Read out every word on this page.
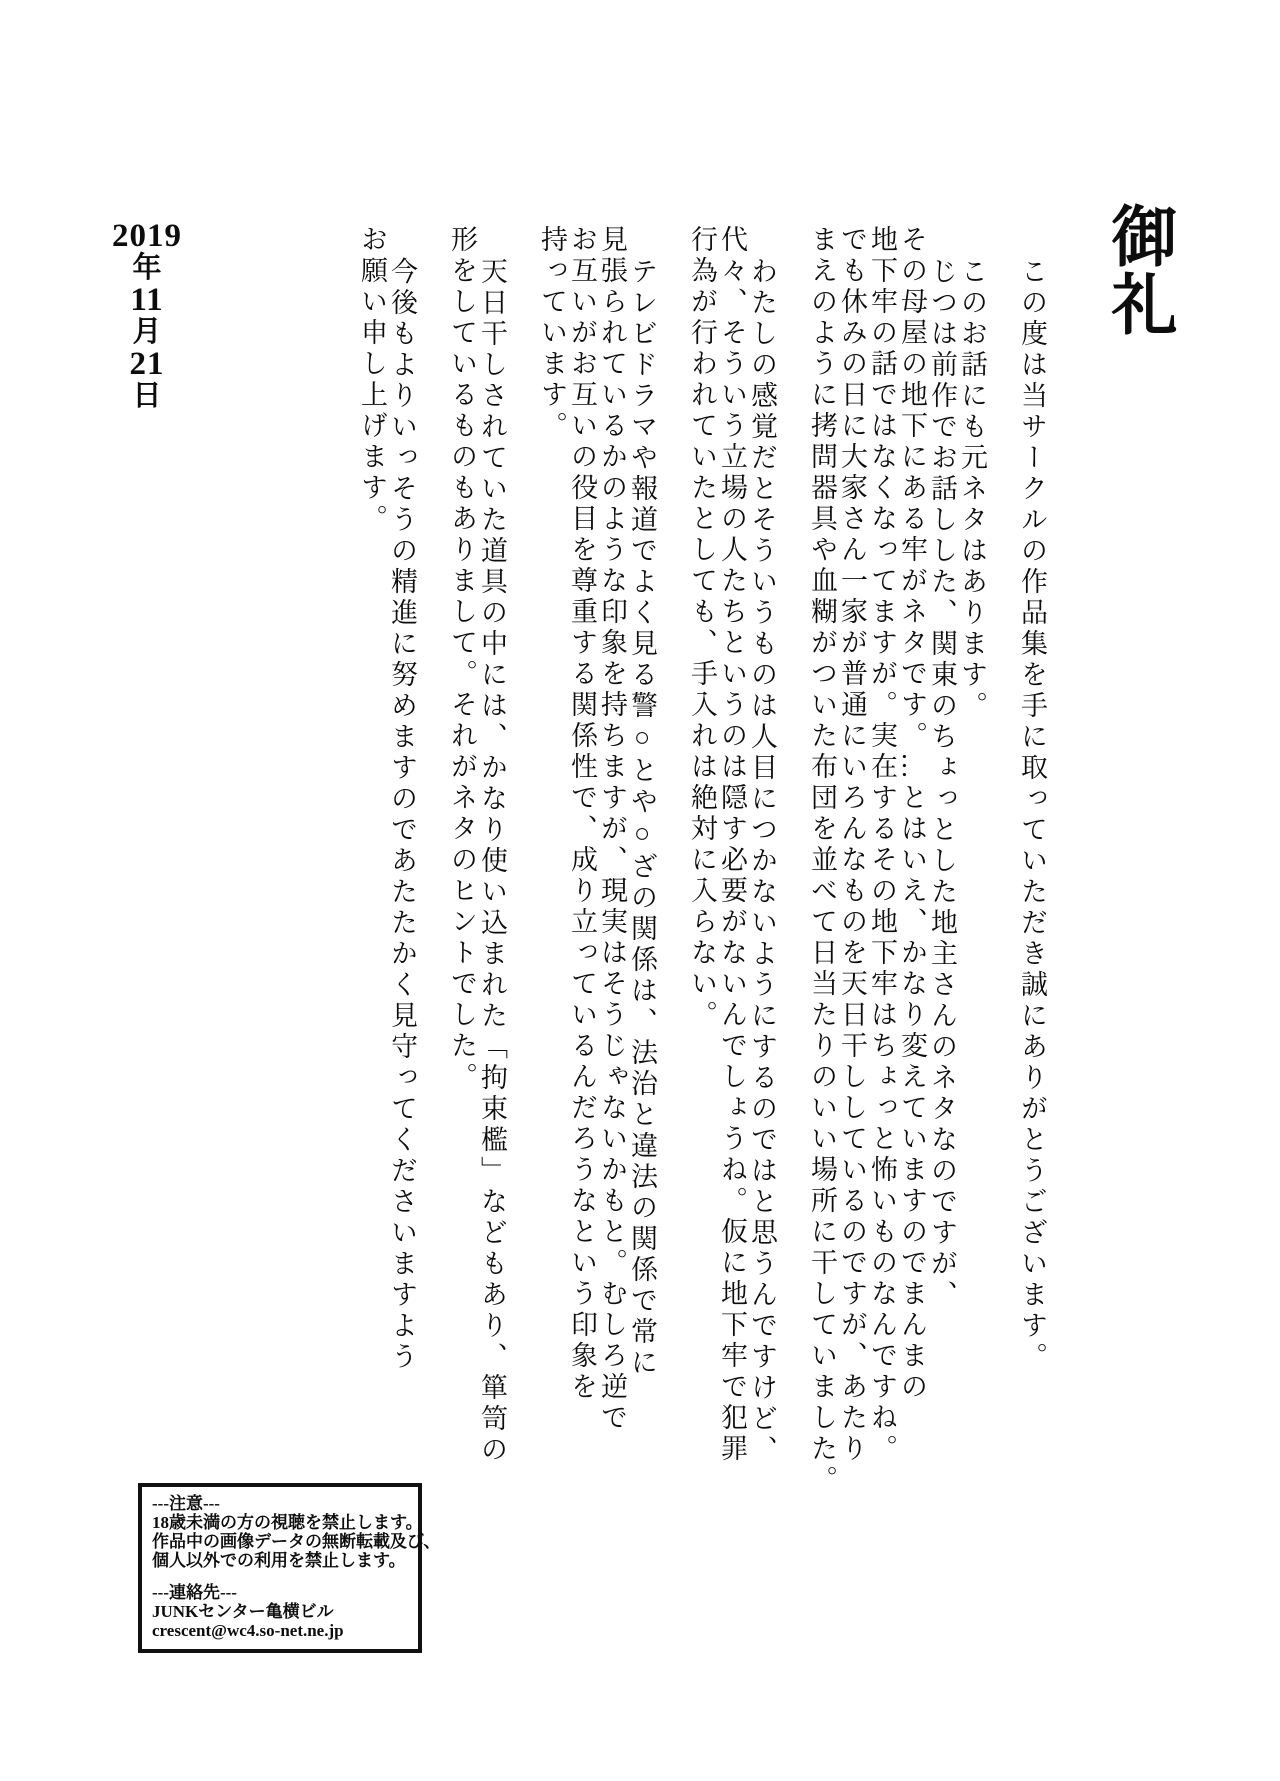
御礼
この度は当サークルの作品集を手に取っていただき誠にありがとうございます。
このお話にも元ネタはあります。
じつは前作でお話しした、関東のちょっとした地主さんのネタなのですが、
その母屋の地下にある牢がネタです。…とはいえ、かなり変えていますのでまんまの
地下牢の話ではなくなってますが。実在するその地下牢はちょっと怖いものなんですね。
でも休みの日に大家さん一家が普通にいろんなものを天日干ししているのですが、あたり
まえのように拷問器具や血糊がついた布団を並べて日当たりのいい場所に干していました。
わたしの感覚だとそういうものは人目につかないようにするのではと思うんですけど、
代々、そういう立場の人たちというのは隠す必要がないんでしょうね。仮に地下牢で犯罪
行為が行われていたとしても、手入れは絶対に入らない。
テレビドラマや報道でよく見る警○とや○ざの関係は、法治と違法の関係で常に
見張られているかのような印象を持ちますが、現実はそうじゃないかもと。むしろ逆で
お互いがお互いの役目を尊重する関係性で、成り立っているんだろうなという印象を
持っています。
天日干しされていた道具の中には、かなり使い込まれた「拘束檻」などもあり、箪笥の
形をしているものもありまして。それがネタのヒントでした。
今後もよりいっそうの精進に努めますのであたたかく見守ってくださいますよう
お願い申し上げます。
2019
年
11
月
21
日
---注意---
18歳未満の方の視聴を禁止します。
作品中の画像データの無断転載及び、
個人以外での利用を禁止します。
---連絡先---
JUNKセンター亀横ビル
crescent@wc4.so-net.ne.jp
